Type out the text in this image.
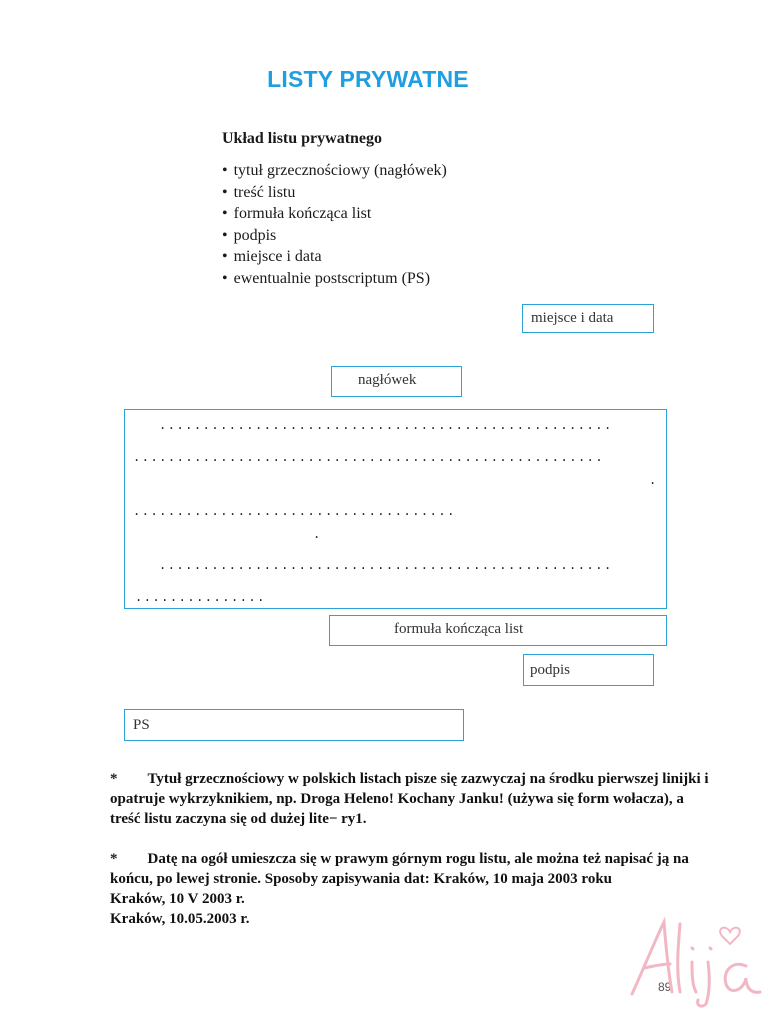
LISTY PRYWATNE
Układ listu prywatnego
• tytuł grzecznościowy (nagłówek)
• treść listu
• formuła kończąca list
• podpis
• miejsce i data
• ewentualnie postscriptum (PS)
miejsce i data
nagłówek
....................................................
......................................................
.
.....................................
.
....................................................
...............
formuła kończąca list
podpis
PS

* Tytuł grzecznościowy w polskich listach pisze się zazwyczaj na środku pierwszej linijki i opatruje wykrzyknikiem, np. Droga Heleno! Kochany Janku! (używa się form wołacza), a treść listu zaczyna się od dużej lite− ry1.

* Datę na ogół umieszcza się w prawym górnym rogu listu, ale można też napisać ją na końcu, po lewej stronie. Sposoby zapisywania dat: Kraków, 10 maja 2003 roku

Kraków, 10 V 2003 r.

Kraków, 10.05.2003 r.

89
